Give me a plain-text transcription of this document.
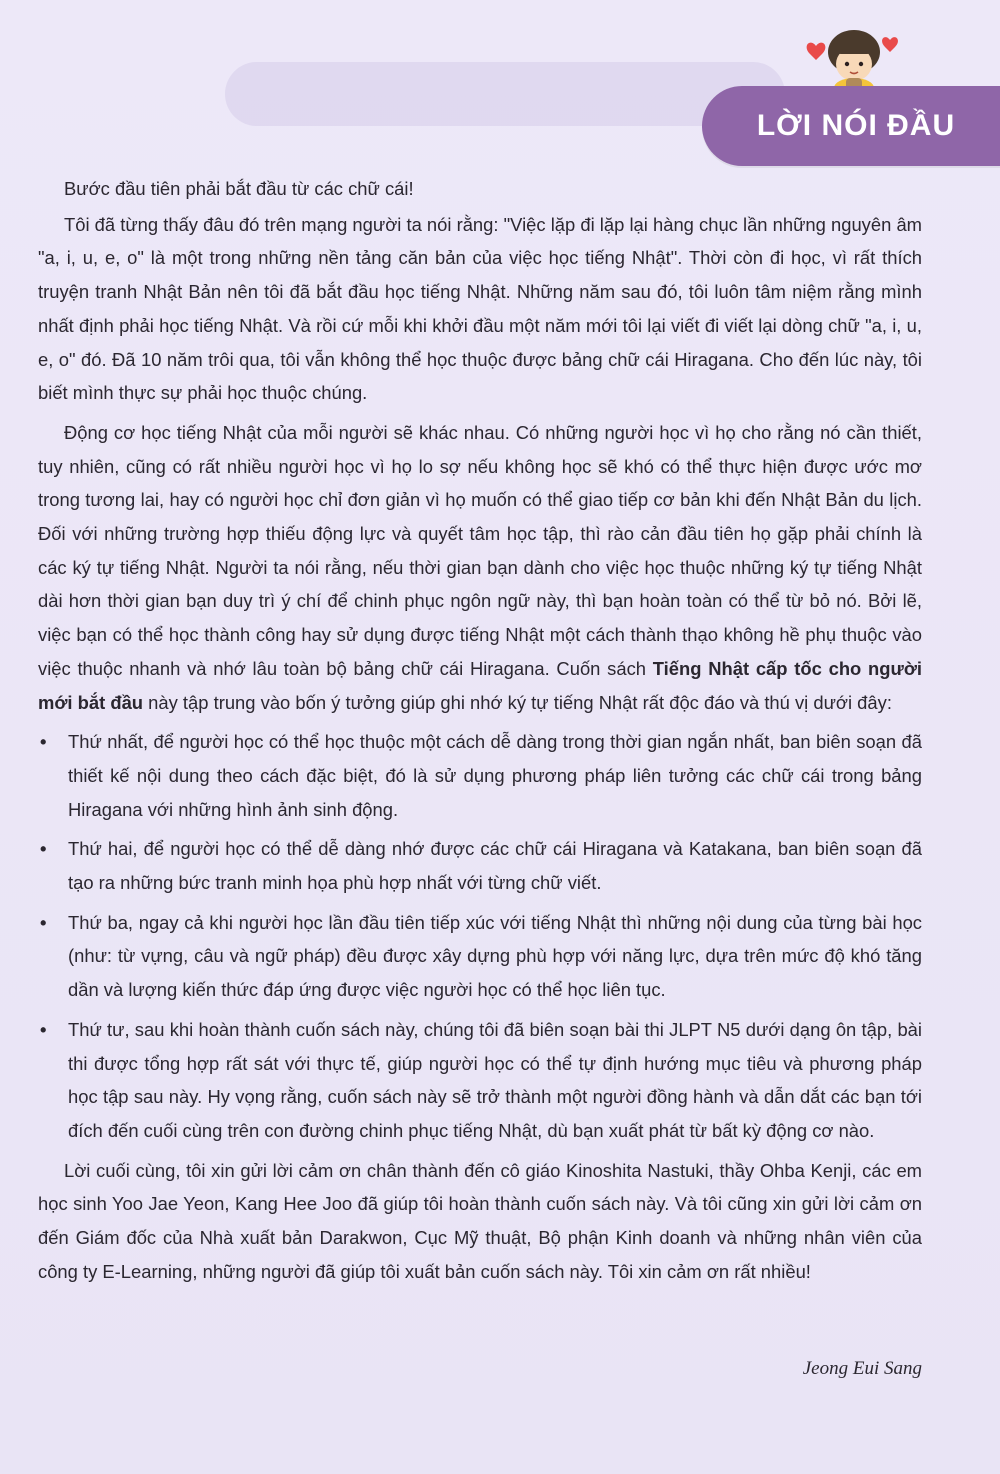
LỜI NÓI ĐẦU

Bước đầu tiên phải bắt đầu từ các chữ cái!

Tôi đã từng thấy đâu đó trên mạng người ta nói rằng: "Việc lặp đi lặp lại hàng chục lần những nguyên âm "a, i, u, e, o" là một trong những nền tảng căn bản của việc học tiếng Nhật". Thời còn đi học, vì rất thích truyện tranh Nhật Bản nên tôi đã bắt đầu học tiếng Nhật. Những năm sau đó, tôi luôn tâm niệm rằng mình nhất định phải học tiếng Nhật. Và rồi cứ mỗi khi khởi đầu một năm mới tôi lại viết đi viết lại dòng chữ "a, i, u, e, o" đó. Đã 10 năm trôi qua, tôi vẫn không thể học thuộc được bảng chữ cái Hiragana. Cho đến lúc này, tôi biết mình thực sự phải học thuộc chúng.

Động cơ học tiếng Nhật của mỗi người sẽ khác nhau. Có những người học vì họ cho rằng nó cần thiết, tuy nhiên, cũng có rất nhiều người học vì họ lo sợ nếu không học sẽ khó có thể thực hiện được ước mơ trong tương lai, hay có người học chỉ đơn giản vì họ muốn có thể giao tiếp cơ bản khi đến Nhật Bản du lịch. Đối với những trường hợp thiếu động lực và quyết tâm học tập, thì rào cản đầu tiên họ gặp phải chính là các ký tự tiếng Nhật. Người ta nói rằng, nếu thời gian bạn dành cho việc học thuộc những ký tự tiếng Nhật dài hơn thời gian bạn duy trì ý chí để chinh phục ngôn ngữ này, thì bạn hoàn toàn có thể từ bỏ nó. Bởi lẽ, việc bạn có thể học thành công hay sử dụng được tiếng Nhật một cách thành thạo không hề phụ thuộc vào việc thuộc nhanh và nhớ lâu toàn bộ bảng chữ cái Hiragana. Cuốn sách Tiếng Nhật cấp tốc cho người mới bắt đầu này tập trung vào bốn ý tưởng giúp ghi nhớ ký tự tiếng Nhật rất độc đáo và thú vị dưới đây:

• Thứ nhất, để người học có thể học thuộc một cách dễ dàng trong thời gian ngắn nhất, ban biên soạn đã thiết kế nội dung theo cách đặc biệt, đó là sử dụng phương pháp liên tưởng các chữ cái trong bảng Hiragana với những hình ảnh sinh động.
• Thứ hai, để người học có thể dễ dàng nhớ được các chữ cái Hiragana và Katakana, ban biên soạn đã tạo ra những bức tranh minh họa phù hợp nhất với từng chữ viết.
• Thứ ba, ngay cả khi người học lần đầu tiên tiếp xúc với tiếng Nhật thì những nội dung của từng bài học (như: từ vựng, câu và ngữ pháp) đều được xây dựng phù hợp với năng lực, dựa trên mức độ khó tăng dần và lượng kiến thức đáp ứng được việc người học có thể học liên tục.
• Thứ tư, sau khi hoàn thành cuốn sách này, chúng tôi đã biên soạn bài thi JLPT N5 dưới dạng ôn tập, bài thi được tổng hợp rất sát với thực tế, giúp người học có thể tự định hướng mục tiêu và phương pháp học tập sau này. Hy vọng rằng, cuốn sách này sẽ trở thành một người đồng hành và dẫn dắt các bạn tới đích đến cuối cùng trên con đường chinh phục tiếng Nhật, dù bạn xuất phát từ bất kỳ động cơ nào.

Lời cuối cùng, tôi xin gửi lời cảm ơn chân thành đến cô giáo Kinoshita Nastuki, thầy Ohba Kenji, các em học sinh Yoo Jae Yeon, Kang Hee Joo đã giúp tôi hoàn thành cuốn sách này. Và tôi cũng xin gửi lời cảm ơn đến Giám đốc của Nhà xuất bản Darakwon, Cục Mỹ thuật, Bộ phận Kinh doanh và những nhân viên của công ty E-Learning, những người đã giúp tôi xuất bản cuốn sách này. Tôi xin cảm ơn rất nhiều!

Jeong Eui Sang
